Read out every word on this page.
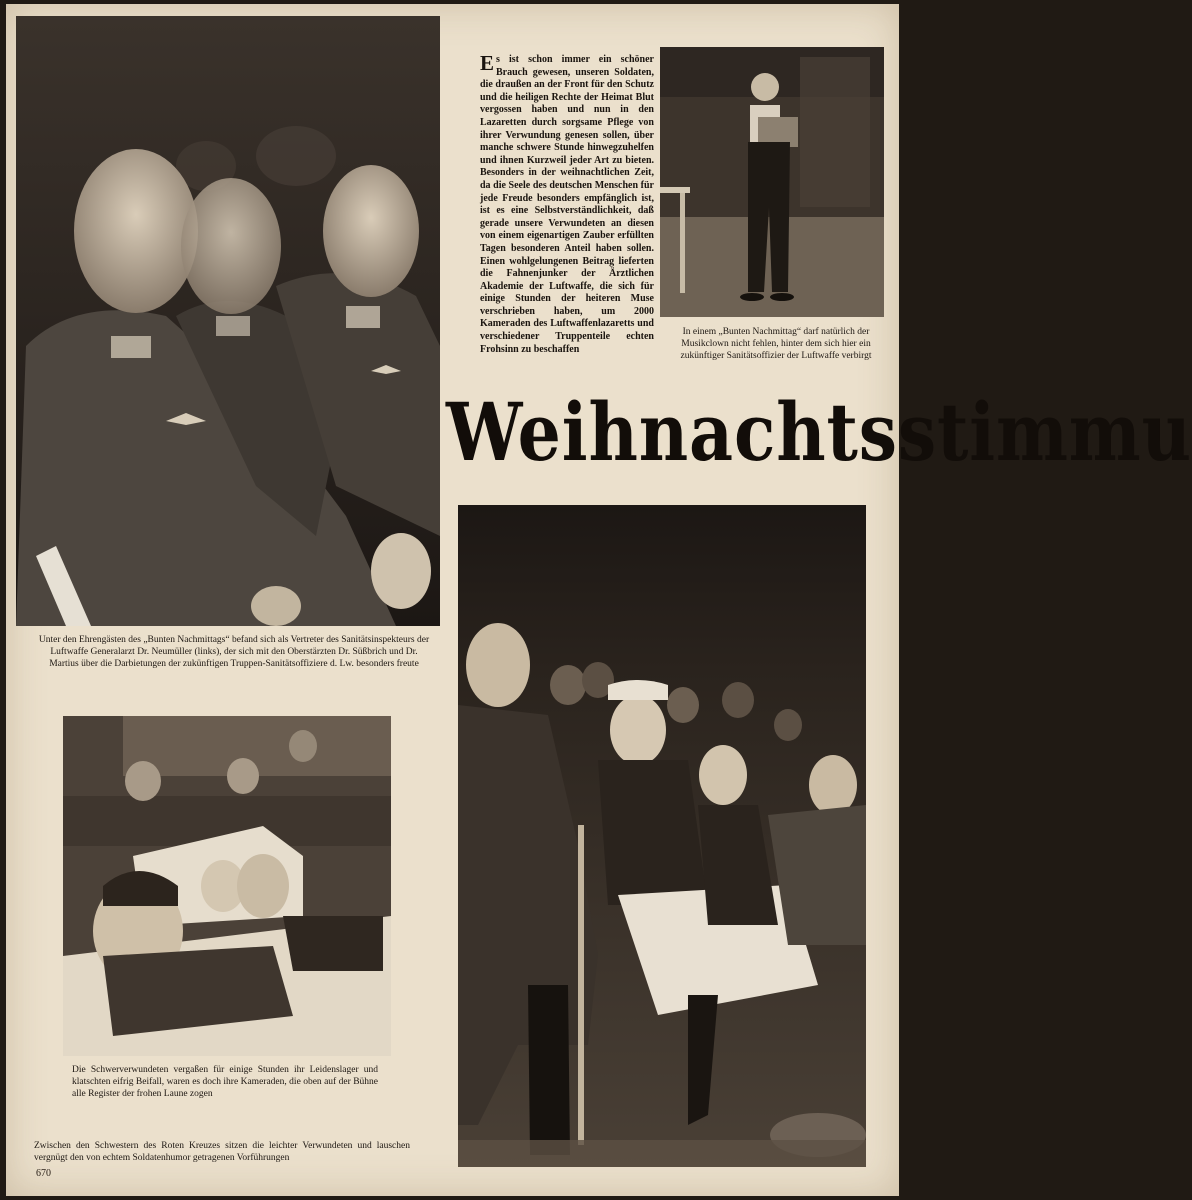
Unter den Ehrengästen des „Bunten Nachmittags“ befand sich als Vertreter des Sanitätsinspekteurs der Luftwaffe Generalarzt Dr. Neumüller (links), der sich mit den Oberstärzten Dr. Süßbrich und Dr. Martius über die Darbietungen der zukünftigen Truppen-Sanitätsoffiziere d. Lw. besonders freute
Es ist schon immer ein schöner Brauch gewesen, unseren Soldaten, die draußen an der Front für den Schutz und die heiligen Rechte der Heimat Blut vergossen haben und nun in den Lazaretten durch sorgsame Pflege von ihrer Verwundung genesen sollen, über manche schwere Stunde hinwegzuhelfen und ihnen Kurzweil jeder Art zu bieten. Besonders in der weihnachtlichen Zeit, da die Seele des deutschen Menschen für jede Freude besonders empfänglich ist, ist es eine Selbstverständlichkeit, daß gerade unsere Verwundeten an diesen von einem eigenartigen Zauber erfüllten Tagen besonderen Anteil haben sollen. Einen wohlgelungenen Beitrag lieferten die Fahnenjunker der Ärztlichen Akademie der Luftwaffe, die sich für einige Stunden der heiteren Muse verschrieben haben, um 2000 Kameraden des Luftwaffenlazaretts und verschiedener Truppenteile echten Frohsinn zu beschaffen
In einem „Bunten Nachmittag“ darf natürlich der Musikclown nicht fehlen, hinter dem sich hier ein zukünftiger Sanitätsoffizier der Luftwaffe verbirgt
Weihnachtsstimmu
Die Schwerverwundeten vergaßen für einige Stunden ihr Leidenslager und klatschten eifrig Beifall, waren es doch ihre Kameraden, die oben auf der Bühne alle Register der frohen Laune zogen
Zwischen den Schwestern des Roten Kreuzes sitzen die leichter Verwundeten und lauschen vergnügt den von echtem Soldatenhumor getragenen Vorführungen
670
